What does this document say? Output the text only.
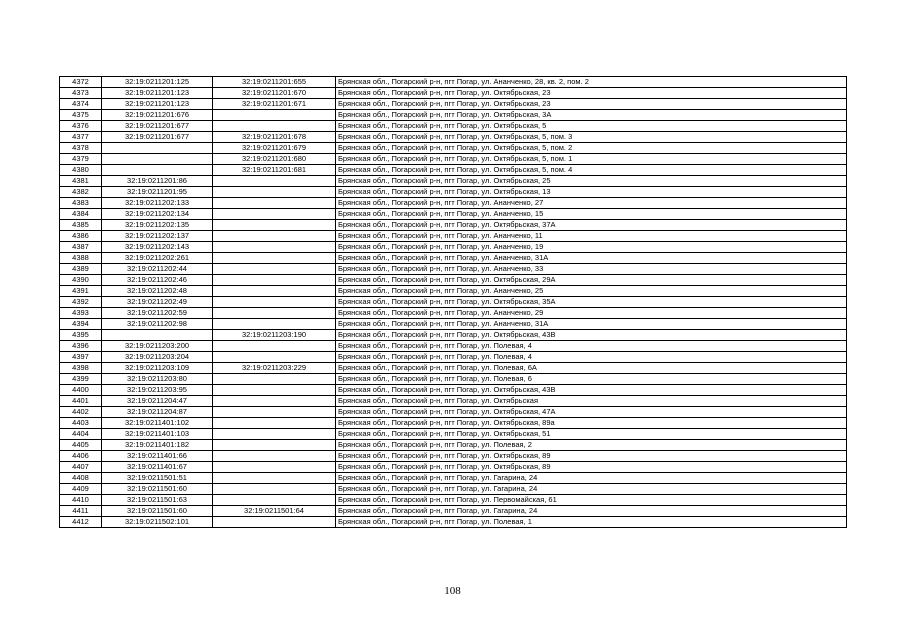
4372	32:19:0211201:125	32:19:0211201:655	Брянская обл., Погарский р-н, пгт Погар, ул. Ананченко, 28, кв. 2, пом. 2
4373	32:19:0211201:123	32:19:0211201:670	Брянская обл., Погарский р-н, пгт Погар, ул. Октябрьская, 23
4374	32:19:0211201:123	32:19:0211201:671	Брянская обл., Погарский р-н, пгт Погар, ул. Октябрьская, 23
4375	32:19:0211201:676		Брянская обл., Погарский р-н, пгт Погар, ул. Октябрьская, 3А
4376	32:19:0211201:677		Брянская обл., Погарский р-н, пгт Погар, ул. Октябрьская, 5
4377	32:19:0211201:677	32:19:0211201:678	Брянская обл., Погарский р-н, пгт Погар, ул. Октябрьская, 5, пом. 3
4378		32:19:0211201:679	Брянская обл., Погарский р-н, пгт Погар, ул. Октябрьская, 5, пом. 2
4379		32:19:0211201:680	Брянская обл., Погарский р-н, пгт Погар, ул. Октябрьская, 5, пом. 1
4380		32:19:0211201:681	Брянская обл., Погарский р-н, пгт Погар, ул. Октябрьская, 5, пом. 4
4381	32:19:0211201:86		Брянская обл., Погарский р-н, пгт Погар, ул. Октябрьская, 25
4382	32:19:0211201:95		Брянская обл., Погарский р-н, пгт Погар, ул. Октябрьская, 13
4383	32:19:0211202:133		Брянская обл., Погарский р-н, пгт Погар, ул. Ананченко, 27
4384	32:19:0211202:134		Брянская обл., Погарский р-н, пгт Погар, ул. Ананченко, 15
4385	32:19:0211202:135		Брянская обл., Погарский р-н, пгт Погар, ул. Октябрьская, 37А
4386	32:19:0211202:137		Брянская обл., Погарский р-н, пгт Погар, ул. Ананченко, 11
4387	32:19:0211202:143		Брянская обл., Погарский р-н, пгт Погар, ул. Ананченко, 19
4388	32:19:0211202:261		Брянская обл., Погарский р-н, пгт Погар, ул. Ананченко, 31А
4389	32:19:0211202:44		Брянская обл., Погарский р-н, пгт Погар, ул. Ананченко, 33
4390	32:19:0211202:46		Брянская обл., Погарский р-н, пгт Погар, ул. Октябрьская, 29А
4391	32:19:0211202:48		Брянская обл., Погарский р-н, пгт Погар, ул. Ананченко, 25
4392	32:19:0211202:49		Брянская обл., Погарский р-н, пгт Погар, ул. Октябрьская, 35А
4393	32:19:0211202:59		Брянская обл., Погарский р-н, пгт Погар, ул. Ананченко, 29
4394	32:19:0211202:98		Брянская обл., Погарский р-н, пгт Погар, ул. Ананченко, 31А
4395		32:19:0211203:190	Брянская обл., Погарский р-н, пгт Погар, ул. Октябрьская, 43В
4396	32:19:0211203:200		Брянская обл., Погарский р-н, пгт Погар, ул. Полевая, 4
4397	32:19:0211203:204		Брянская обл., Погарский р-н, пгт Погар, ул. Полевая, 4
4398	32:19:0211203:109	32:19:0211203:229	Брянская обл., Погарский р-н, пгт Погар, ул. Полевая, 6А
4399	32:19:0211203:80		Брянская обл., Погарский р-н, пгт Погар, ул. Полевая, 6
4400	32:19:0211203:95		Брянская обл., Погарский р-н, пгт Погар, ул. Октябрьская, 43В
4401	32:19:0211204:47		Брянская обл., Погарский р-н, пгт Погар, ул. Октябрьская
4402	32:19:0211204:87		Брянская обл., Погарский р-н, пгт Погар, ул. Октябрьская, 47А
4403	32:19:0211401:102		Брянская обл., Погарский р-н, пгт Погар, ул. Октябрьская, 89а
4404	32:19:0211401:103		Брянская обл., Погарский р-н, пгт Погар, ул. Октябрьская, 51
4405	32:19:0211401:182		Брянская обл., Погарский р-н, пгт Погар, ул. Полевая, 2
4406	32:19:0211401:66		Брянская обл., Погарский р-н, пгт Погар, ул. Октябрьская, 89
4407	32:19:0211401:67		Брянская обл., Погарский р-н, пгт Погар, ул. Октябрьская, 89
4408	32:19:0211501:51		Брянская обл., Погарский р-н, пгт Погар, ул. Гагарина, 24
4409	32:19:0211501:60		Брянская обл., Погарский р-н, пгт Погар, ул. Гагарина, 24
4410	32:19:0211501:63		Брянская обл., Погарский р-н, пгт Погар, ул. Первомайская, 61
4411	32:19:0211501:60	32:19:0211501:64	Брянская обл., Погарский р-н, пгт Погар, ул. Гагарина, 24
4412	32:19:0211502:101		Брянская обл., Погарский р-н, пгт Погар, ул. Полевая, 1
108
